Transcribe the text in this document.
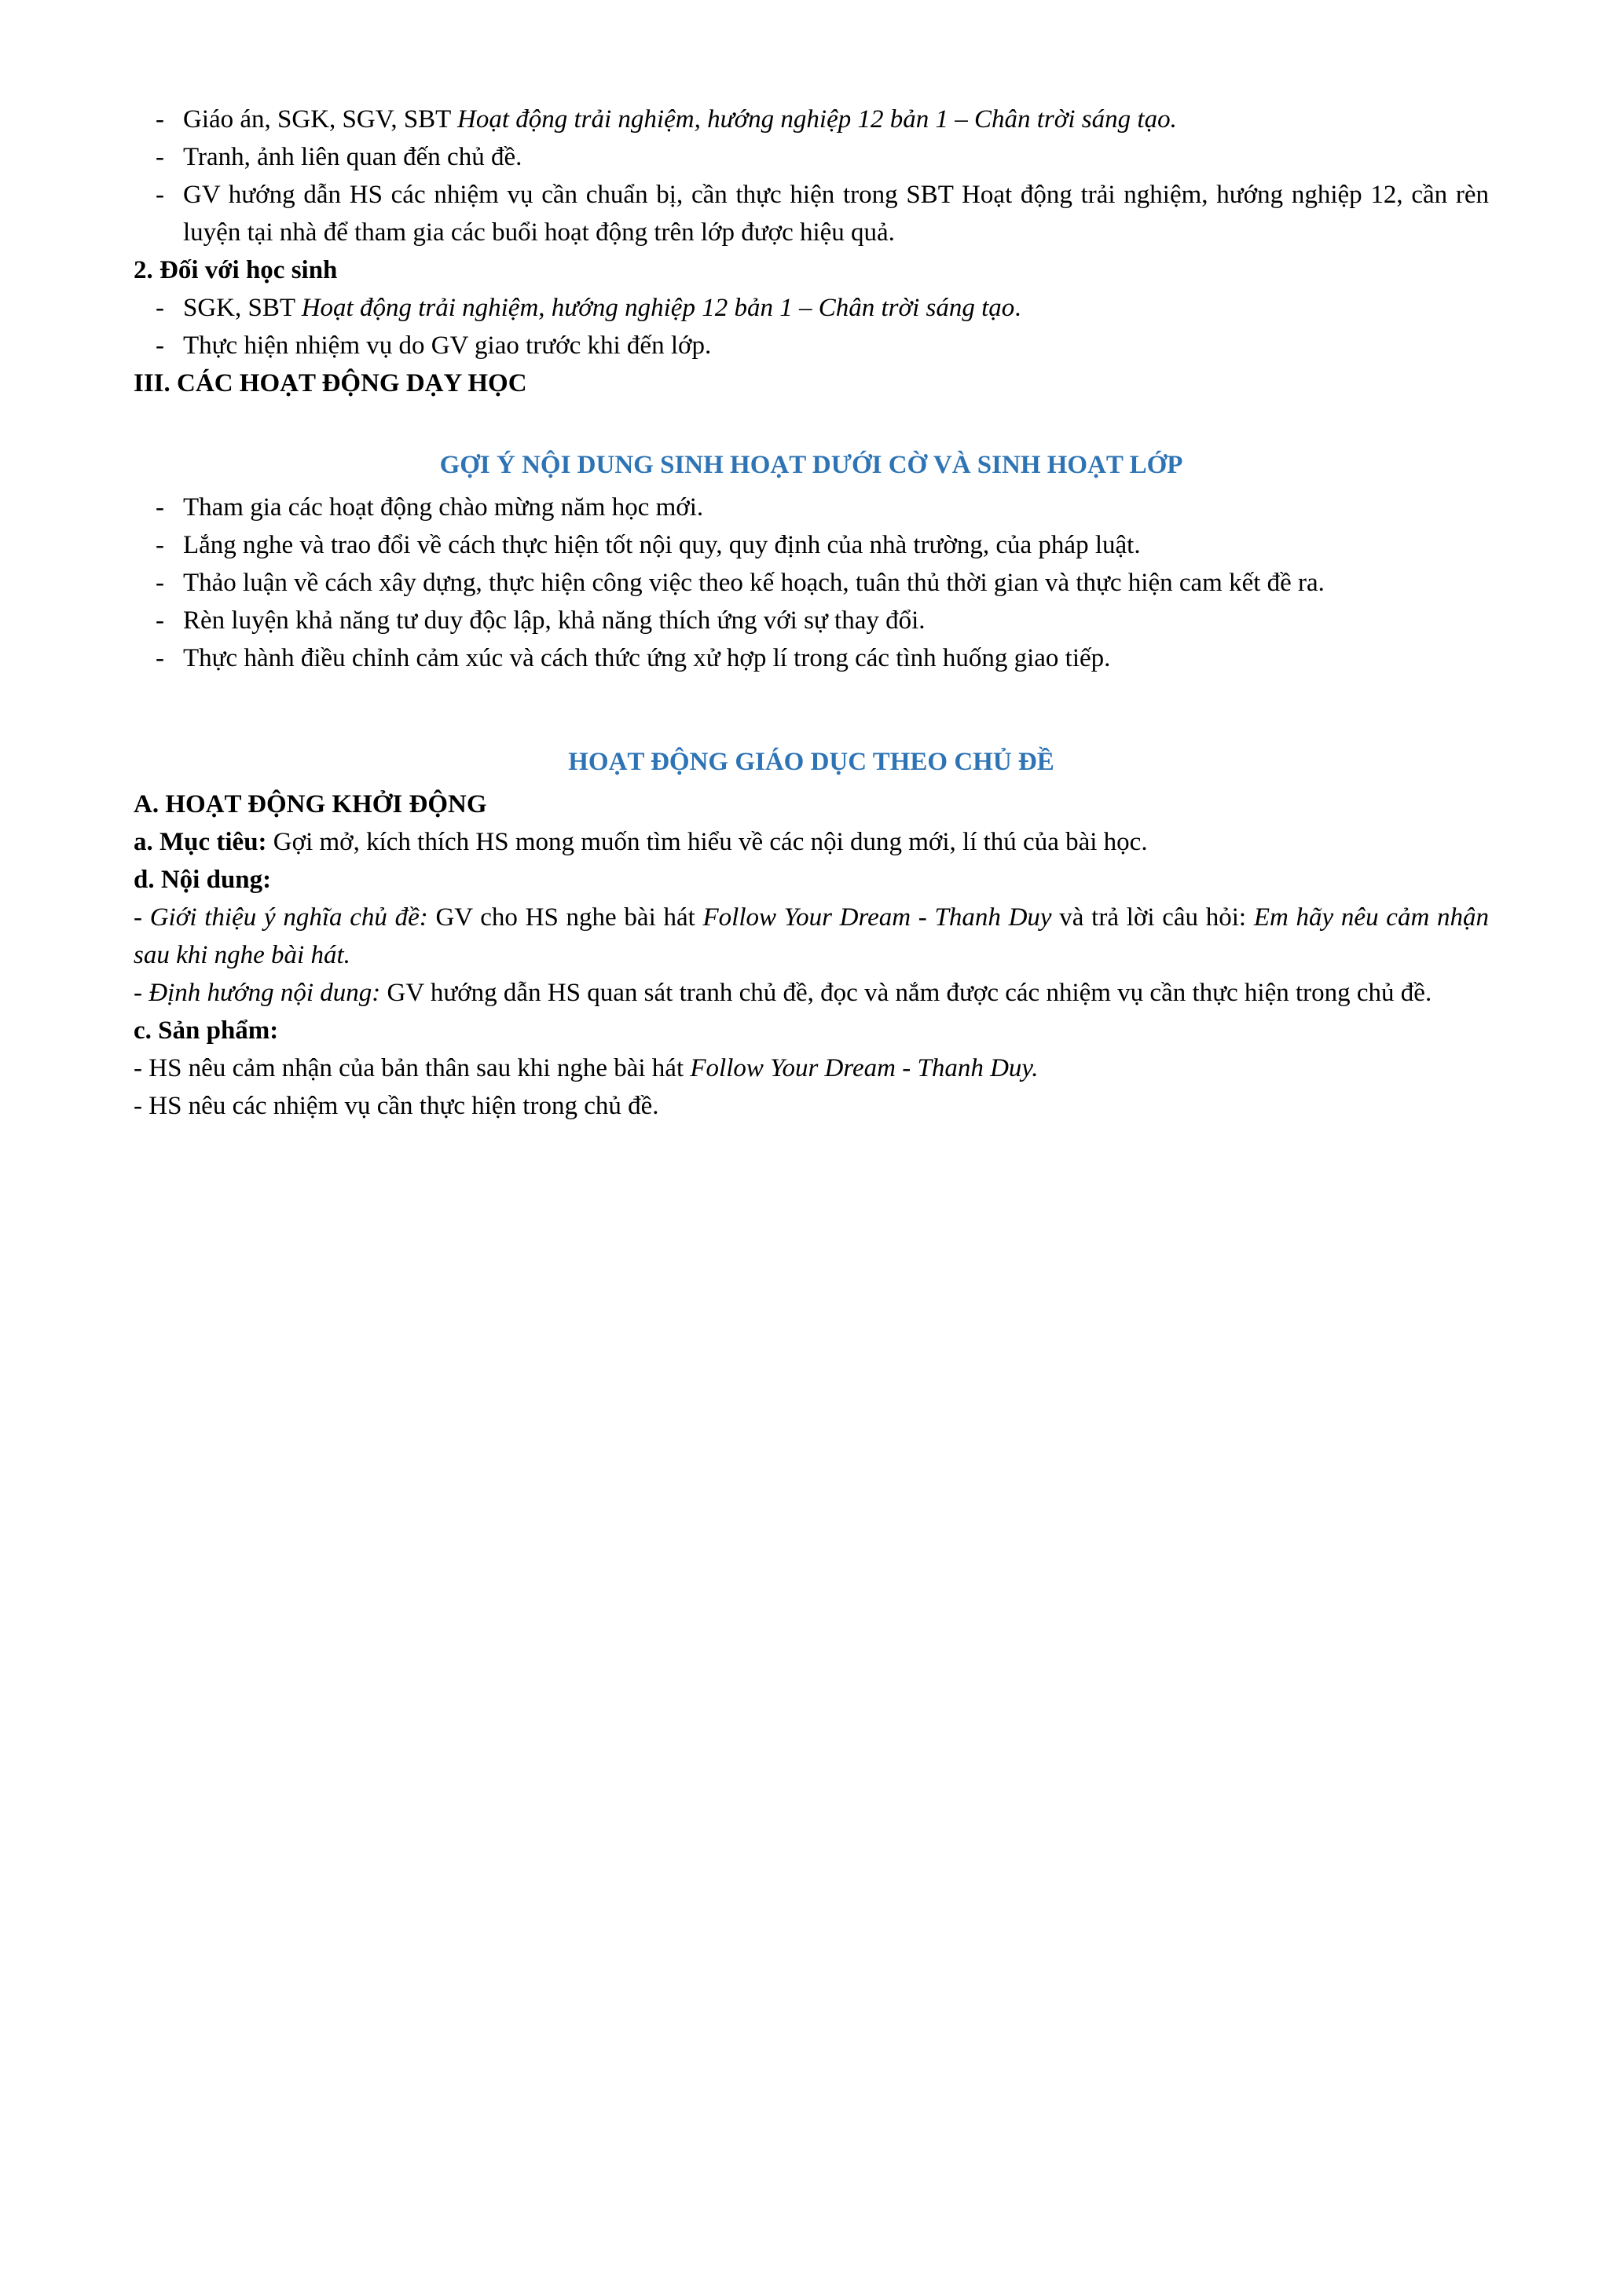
- Giáo án, SGK, SGV, SBT Hoạt động trải nghiệm, hướng nghiệp 12 bản 1 – Chân trời sáng tạo.
- Tranh, ảnh liên quan đến chủ đề.
- GV hướng dẫn HS các nhiệm vụ cần chuẩn bị, cần thực hiện trong SBT Hoạt động trải nghiệm, hướng nghiệp 12, cần rèn luyện tại nhà để tham gia các buổi hoạt động trên lớp được hiệu quả.
2. Đối với học sinh
- SGK, SBT Hoạt động trải nghiệm, hướng nghiệp 12 bản 1 – Chân trời sáng tạo.
- Thực hiện nhiệm vụ do GV giao trước khi đến lớp.
III. CÁC HOẠT ĐỘNG DẠY HỌC
GỢI Ý NỘI DUNG SINH HOẠT DƯỚI CỜ VÀ SINH HOẠT LỚP
- Tham gia các hoạt động chào mừng năm học mới.
- Lắng nghe và trao đổi về cách thực hiện tốt nội quy, quy định của nhà trường, của pháp luật.
- Thảo luận về cách xây dựng, thực hiện công việc theo kế hoạch, tuân thủ thời gian và thực hiện cam kết đề ra.
- Rèn luyện khả năng tư duy độc lập, khả năng thích ứng với sự thay đổi.
- Thực hành điều chỉnh cảm xúc và cách thức ứng xử hợp lí trong các tình huống giao tiếp.
HOẠT ĐỘNG GIÁO DỤC THEO CHỦ ĐỀ
A. HOẠT ĐỘNG KHỞI ĐỘNG
a. Mục tiêu: Gợi mở, kích thích HS mong muốn tìm hiểu về các nội dung mới, lí thú của bài học.
d. Nội dung:
- Giới thiệu ý nghĩa chủ đề: GV cho HS nghe bài hát Follow Your Dream - Thanh Duy và trả lời câu hỏi: Em hãy nêu cảm nhận sau khi nghe bài hát.
- Định hướng nội dung: GV hướng dẫn HS quan sát tranh chủ đề, đọc và nắm được các nhiệm vụ cần thực hiện trong chủ đề.
c. Sản phẩm:
- HS nêu cảm nhận của bản thân sau khi nghe bài hát Follow Your Dream - Thanh Duy.
- HS nêu các nhiệm vụ cần thực hiện trong chủ đề.
